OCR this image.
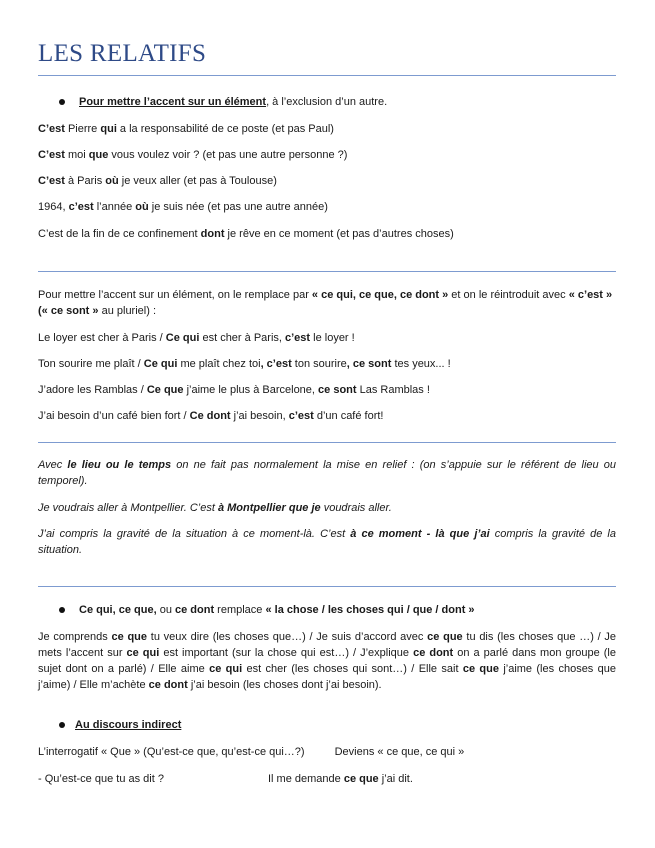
LES RELATIFS
Pour mettre l’accent sur un élément, à l’exclusion d’un autre.
C’est Pierre qui a la responsabilité de ce poste (et pas Paul)
C’est moi que vous voulez voir ? (et pas une autre personne ?)
C’est à Paris où je veux aller (et pas à Toulouse)
1964, c’est l’année où je suis née (et pas une autre année)
C’est de la fin de ce confinement dont je rêve en ce moment (et pas d’autres choses)
Pour mettre l’accent sur un élément, on le remplace par « ce qui, ce que, ce dont » et on le réintroduit avec « c’est » (« ce sont » au pluriel) :
Le loyer est cher à Paris / Ce qui est cher à Paris, c’est le loyer !
Ton sourire me plaît / Ce qui me plaît chez toi, c’est ton sourire, ce sont tes yeux... !
J’adore les Ramblas / Ce que j’aime le plus à Barcelone, ce sont Las Ramblas !
J’ai besoin d’un café bien fort / Ce dont j’ai besoin, c’est d’un café fort!
Avec le lieu ou le temps on ne fait pas normalement la mise en relief : (on s’appuie sur le référent de lieu ou temporel).
Je voudrais aller à Montpellier. C’est à Montpellier que je voudrais aller.
J’ai compris la gravité de la situation à ce moment-là. C’est à ce moment - là que j’ai compris la gravité de la situation.
Ce qui, ce que, ou ce dont remplace « la chose / les choses qui / que / dont »
Je comprends ce que tu veux dire (les choses que…) / Je suis d’accord avec ce que tu dis (les choses que …) / Je mets l’accent sur ce qui est important (sur la chose qui est…) / J’explique ce dont on a parlé dans mon groupe (le sujet dont on a parlé) / Elle aime ce qui est cher (les choses qui sont…) / Elle sait ce que j’aime (les choses que j’aime) / Elle m’achète ce dont j’ai besoin (les choses dont j’ai besoin).
Au discours indirect
L’interrogatif « Que » (Qu’est-ce que, qu’est-ce qui…?)	Deviens « ce que, ce qui »
- Qu’est-ce que tu as dit ?	Il me demande ce que j’ai dit.
